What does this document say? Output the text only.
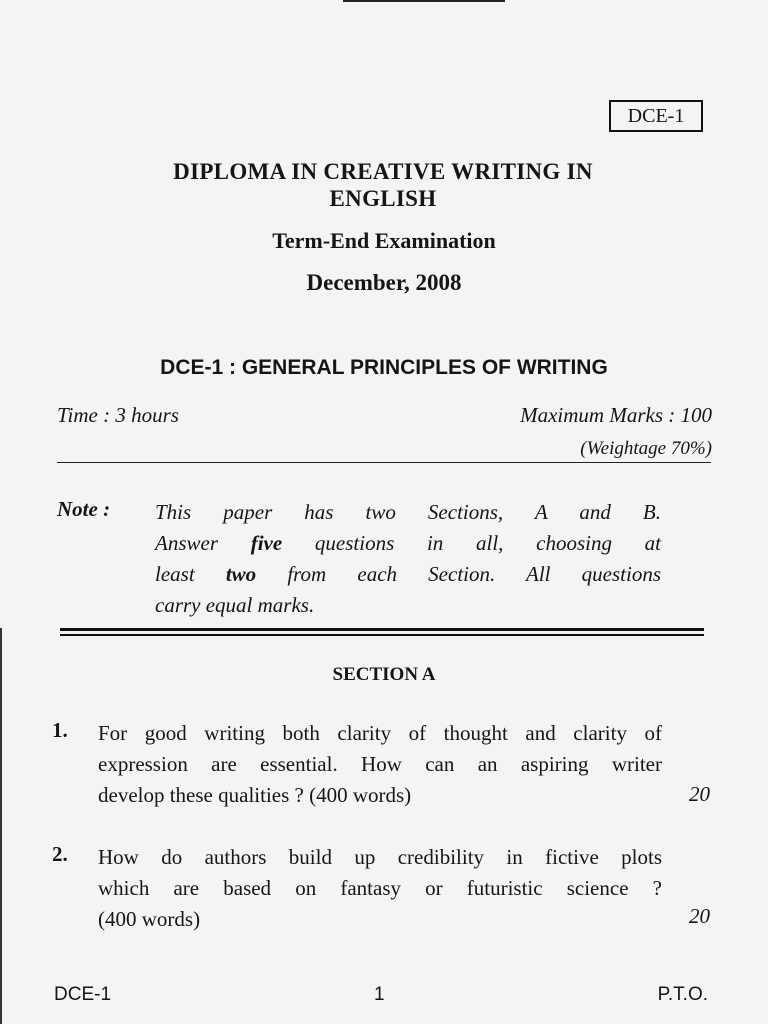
DCE-1
DIPLOMA IN CREATIVE WRITING IN
ENGLISH
Term-End Examination
December, 2008
DCE-1 : GENERAL PRINCIPLES OF WRITING
Time : 3 hours	Maximum Marks : 100
(Weightage 70%)
Note : This paper has two Sections, A and B.
Answer five questions in all, choosing at
least two from each Section. All questions
carry equal marks.
SECTION A
1. For good writing both clarity of thought and clarity of
expression are essential. How can an aspiring writer
develop these qualities ? (400 words)	20
2. How do authors build up credibility in fictive plots
which are based on fantasy or futuristic science ?
(400 words)	20
DCE-1	1	P.T.O.
